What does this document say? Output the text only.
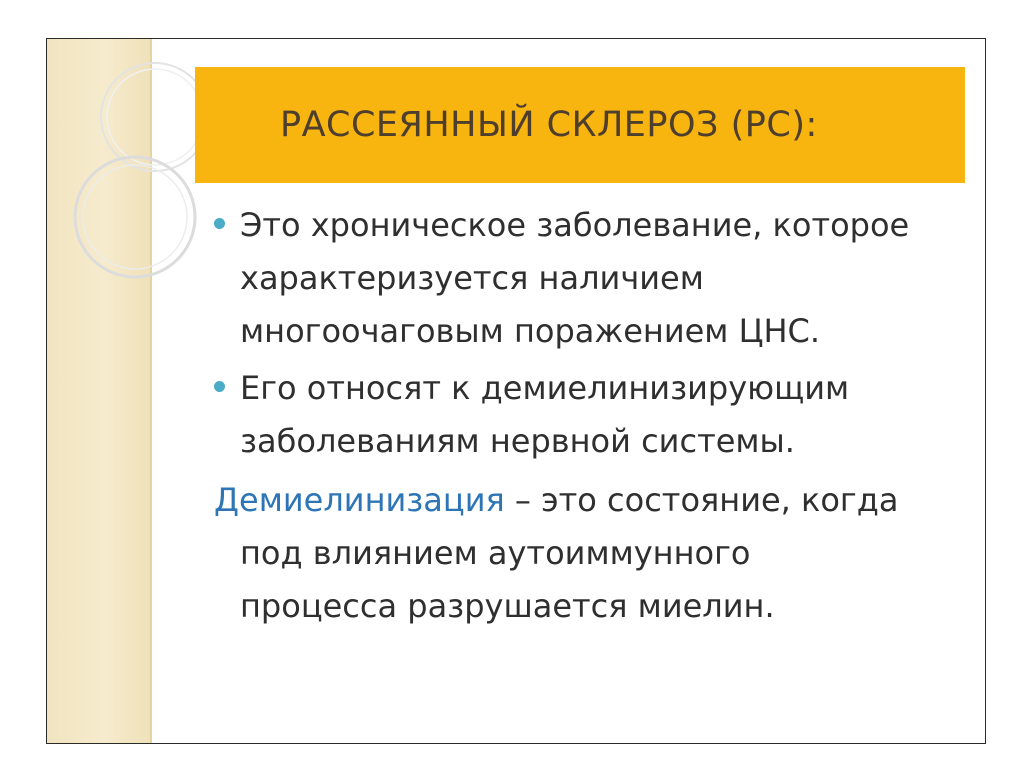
РАССЕЯННЫЙ СКЛЕРОЗ (РС):
Это хроническое заболевание, которое
характеризуется наличием
многоочаговым поражением ЦНС.
Его относят к демиелинизирующим
заболеваниям нервной системы.
Демиелинизация – это состояние, когда
под влиянием аутоиммунного
процесса разрушается миелин.
